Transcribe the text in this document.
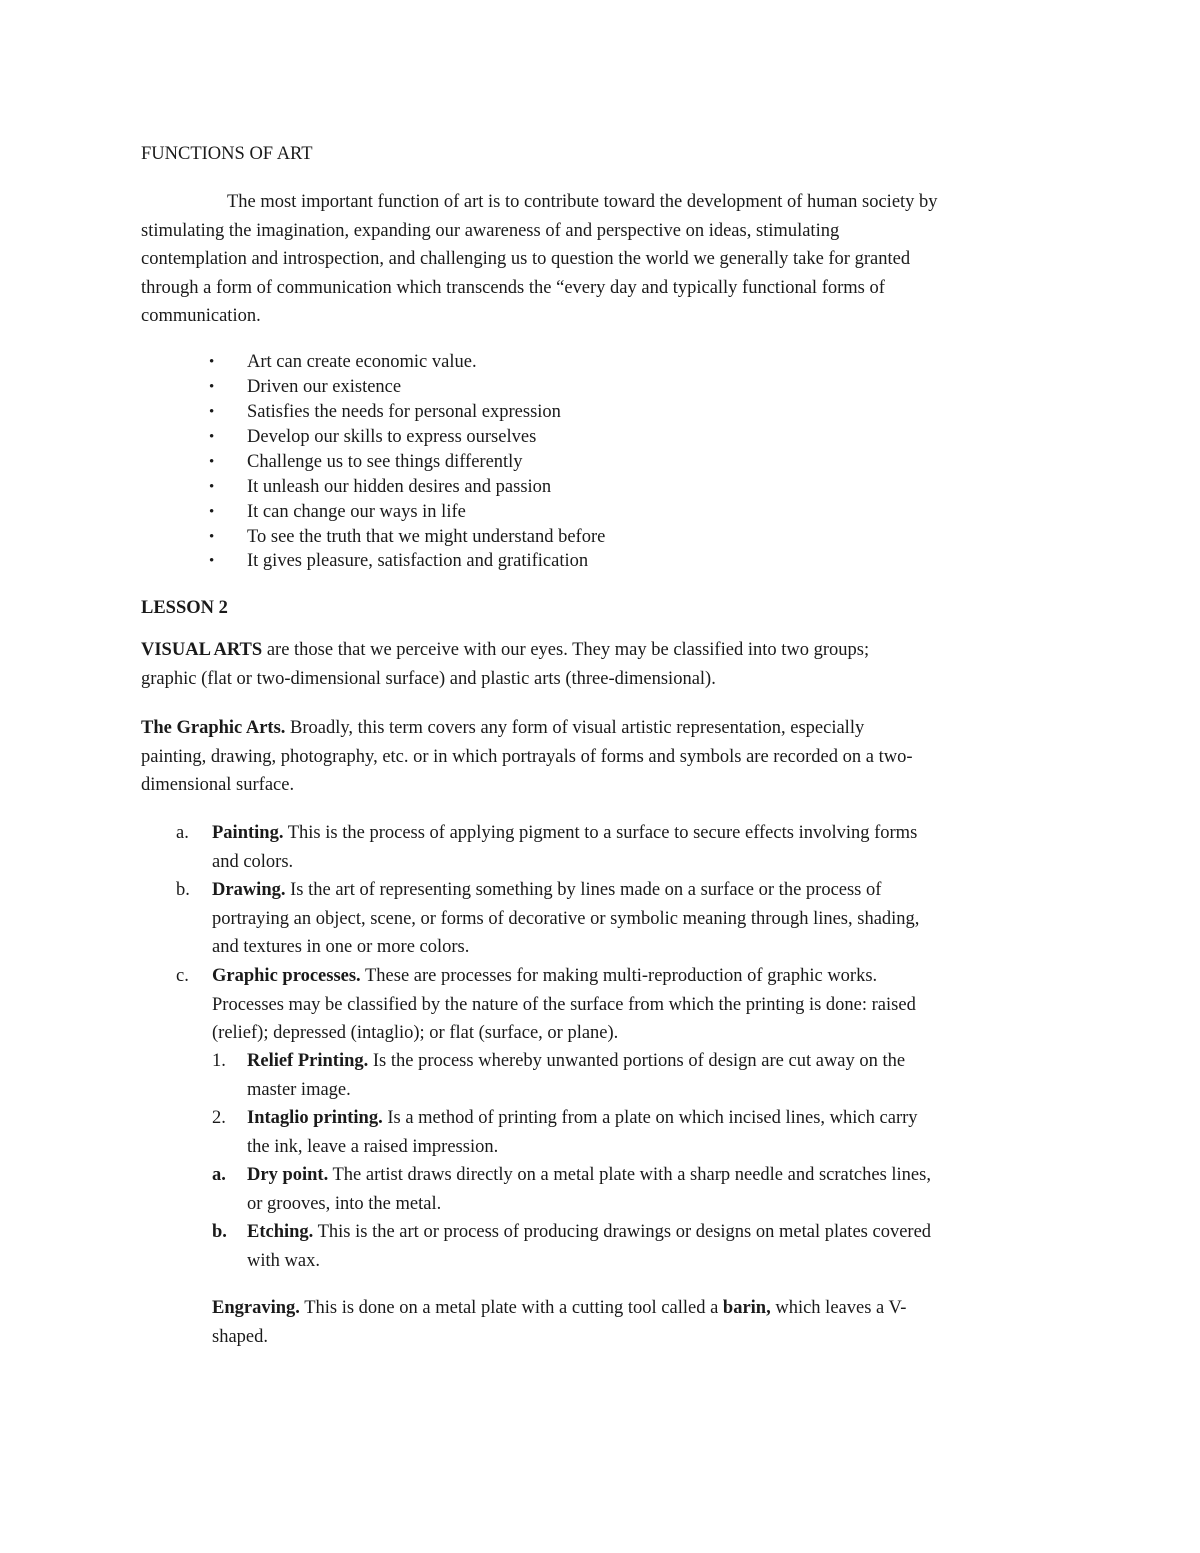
FUNCTIONS OF ART
The most important function of art is to contribute toward the development of human society by
stimulating the imagination, expanding our awareness of and perspective on ideas, stimulating
contemplation and introspection, and challenging us to question the world we generally take for granted
through a form of communication which transcends the “every day and typically functional forms of
communication.
• Art can create economic value.
• Driven our existence
• Satisfies the needs for personal expression
• Develop our skills to express ourselves
• Challenge us to see things differently
• It unleash our hidden desires and passion
• It can change our ways in life
• To see the truth that we might understand before
• It gives pleasure, satisfaction and gratification
LESSON 2
VISUAL ARTS are those that we perceive with our eyes. They may be classified into two groups;
graphic (flat or two-dimensional surface) and plastic arts (three-dimensional).
The Graphic Arts. Broadly, this term covers any form of visual artistic representation, especially
painting, drawing, photography, etc. or in which portrayals of forms and symbols are recorded on a two-
dimensional surface.
a. Painting. This is the process of applying pigment to a surface to secure effects involving forms
and colors.
b. Drawing. Is the art of representing something by lines made on a surface or the process of
portraying an object, scene, or forms of decorative or symbolic meaning through lines, shading,
and textures in one or more colors.
c. Graphic processes. These are processes for making multi-reproduction of graphic works.
Processes may be classified by the nature of the surface from which the printing is done: raised
(relief); depressed (intaglio); or flat (surface, or plane).
1. Relief Printing. Is the process whereby unwanted portions of design are cut away on the
master image.
2. Intaglio printing. Is a method of printing from a plate on which incised lines, which carry
the ink, leave a raised impression.
a. Dry point. The artist draws directly on a metal plate with a sharp needle and scratches lines,
or grooves, into the metal.
b. Etching. This is the art or process of producing drawings or designs on metal plates covered
with wax.
Engraving. This is done on a metal plate with a cutting tool called a barin, which leaves a V-
shaped.
